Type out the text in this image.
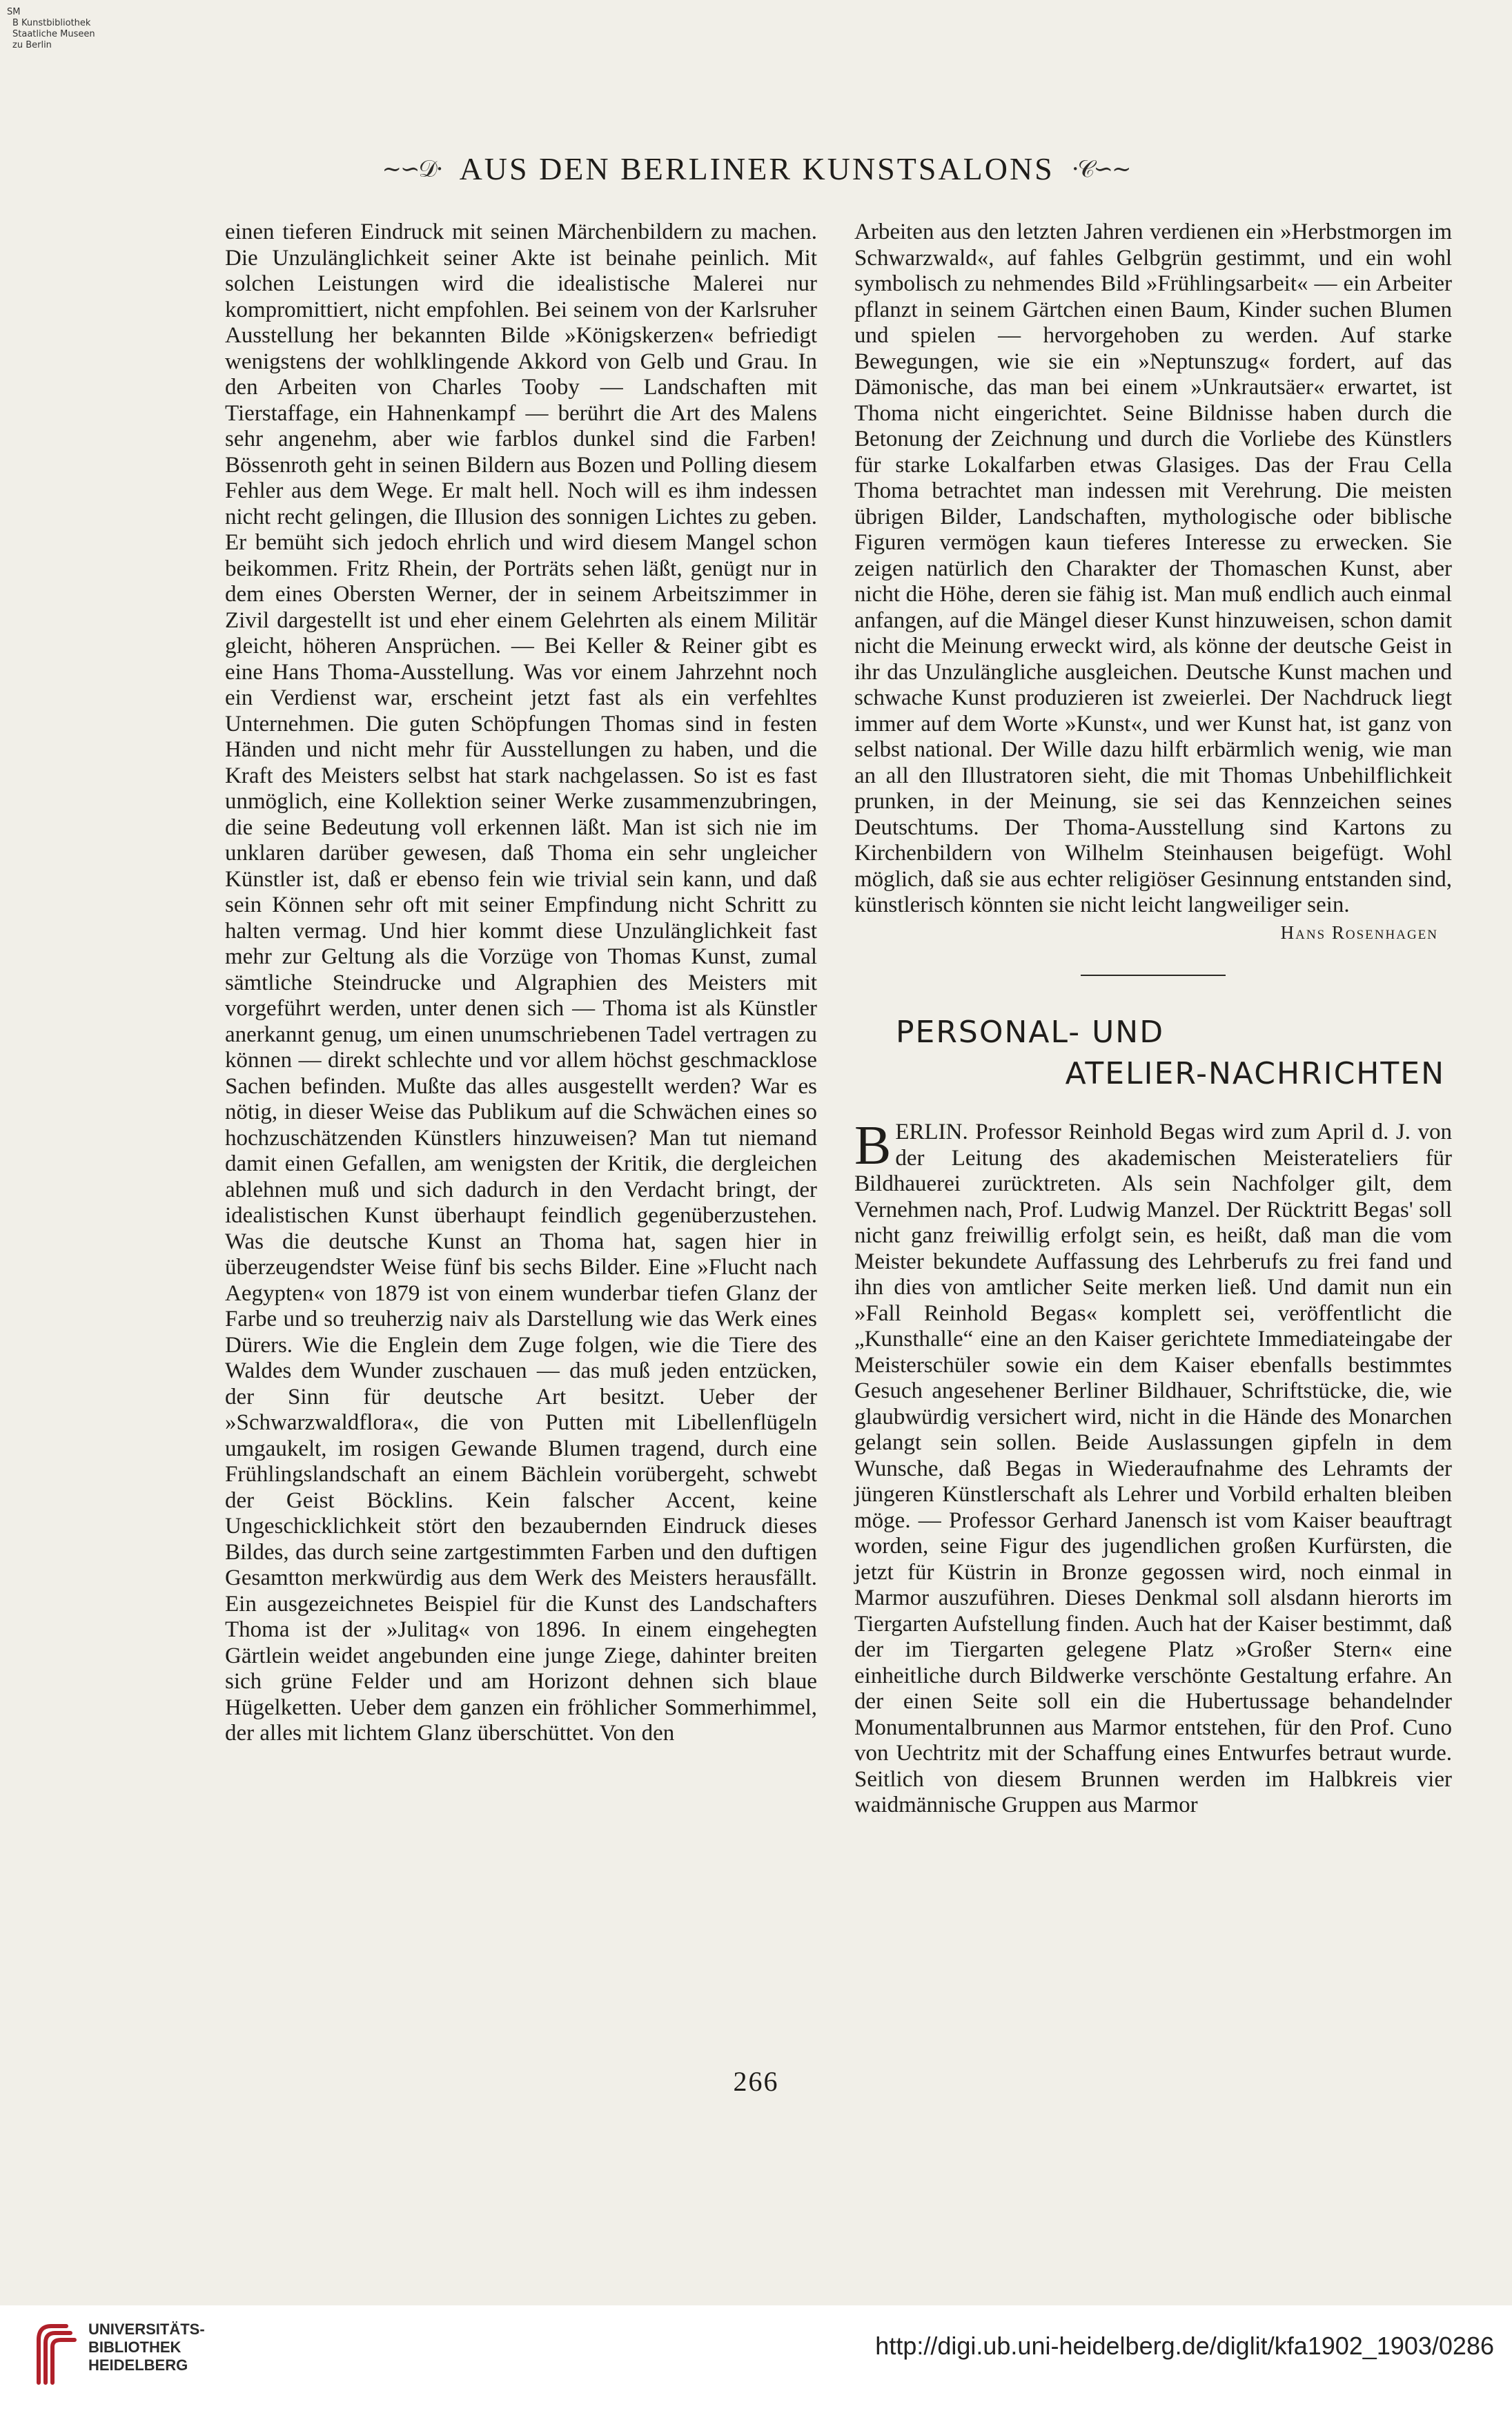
SM
B Kunstbibliothek
Staatliche Museen
zu Berlin
~∽𝒟· AUS DEN BERLINER KUNSTSALONS ·𝒞∽~

einen tieferen Eindruck mit seinen Märchenbildern zu machen. Die Unzulänglichkeit seiner Akte ist beinahe peinlich. Mit solchen Leistungen wird die idealistische Malerei nur kompromittiert, nicht empfohlen. Bei seinem von der Karlsruher Ausstellung her bekannten Bilde »Königskerzen« befriedigt wenigstens der wohlklingende Akkord von Gelb und Grau. In den Arbeiten von Charles Tooby — Landschaften mit Tierstaffage, ein Hahnenkampf — berührt die Art des Malens sehr angenehm, aber wie farblos dunkel sind die Farben! Bössenroth geht in seinen Bildern aus Bozen und Polling diesem Fehler aus dem Wege. Er malt hell. Noch will es ihm indessen nicht recht gelingen, die Illusion des sonnigen Lichtes zu geben. Er bemüht sich jedoch ehrlich und wird diesem Mangel schon beikommen. Fritz Rhein, der Porträts sehen läßt, genügt nur in dem eines Obersten Werner, der in seinem Arbeitszimmer in Zivil dargestellt ist und eher einem Gelehrten als einem Militär gleicht, höheren Ansprüchen. — Bei Keller & Reiner gibt es eine Hans Thoma-Ausstellung. Was vor einem Jahrzehnt noch ein Verdienst war, erscheint jetzt fast als ein verfehltes Unternehmen. Die guten Schöpfungen Thomas sind in festen Händen und nicht mehr für Ausstellungen zu haben, und die Kraft des Meisters selbst hat stark nachgelassen. So ist es fast unmöglich, eine Kollektion seiner Werke zusammenzubringen, die seine Bedeutung voll erkennen läßt. Man ist sich nie im unklaren darüber gewesen, daß Thoma ein sehr ungleicher Künstler ist, daß er ebenso fein wie trivial sein kann, und daß sein Können sehr oft mit seiner Empfindung nicht Schritt zu halten vermag. Und hier kommt diese Unzulänglichkeit fast mehr zur Geltung als die Vorzüge von Thomas Kunst, zumal sämtliche Steindrucke und Algraphien des Meisters mit vorgeführt werden, unter denen sich — Thoma ist als Künstler anerkannt genug, um einen unumschriebenen Tadel vertragen zu können — direkt schlechte und vor allem höchst geschmacklose Sachen befinden. Mußte das alles ausgestellt werden? War es nötig, in dieser Weise das Publikum auf die Schwächen eines so hochzuschätzenden Künstlers hinzuweisen? Man tut niemand damit einen Gefallen, am wenigsten der Kritik, die dergleichen ablehnen muß und sich dadurch in den Verdacht bringt, der idealistischen Kunst überhaupt feindlich gegenüberzustehen. Was die deutsche Kunst an Thoma hat, sagen hier in überzeugendster Weise fünf bis sechs Bilder. Eine »Flucht nach Aegypten« von 1879 ist von einem wunderbar tiefen Glanz der Farbe und so treuherzig naiv als Darstellung wie das Werk eines Dürers. Wie die Englein dem Zuge folgen, wie die Tiere des Waldes dem Wunder zuschauen — das muß jeden entzücken, der Sinn für deutsche Art besitzt. Ueber der »Schwarzwaldflora«, die von Putten mit Libellenflügeln umgaukelt, im rosigen Gewande Blumen tragend, durch eine Frühlingslandschaft an einem Bächlein vorübergeht, schwebt der Geist Böcklins. Kein falscher Accent, keine Ungeschicklichkeit stört den bezaubernden Eindruck dieses Bildes, das durch seine zartgestimmten Farben und den duftigen Gesamtton merkwürdig aus dem Werk des Meisters herausfällt. Ein ausgezeichnetes Beispiel für die Kunst des Landschafters Thoma ist der »Julitag« von 1896. In einem eingehegten Gärtlein weidet angebunden eine junge Ziege, dahinter breiten sich grüne Felder und am Horizont dehnen sich blaue Hügelketten. Ueber dem ganzen ein fröhlicher Sommerhimmel, der alles mit lichtem Glanz überschüttet. Von den

Arbeiten aus den letzten Jahren verdienen ein »Herbstmorgen im Schwarzwald«, auf fahles Gelbgrün gestimmt, und ein wohl symbolisch zu nehmendes Bild »Frühlingsarbeit« — ein Arbeiter pflanzt in seinem Gärtchen einen Baum, Kinder suchen Blumen und spielen — hervorgehoben zu werden. Auf starke Bewegungen, wie sie ein »Neptunszug« fordert, auf das Dämonische, das man bei einem »Unkrautsäer« erwartet, ist Thoma nicht eingerichtet. Seine Bildnisse haben durch die Betonung der Zeichnung und durch die Vorliebe des Künstlers für starke Lokalfarben etwas Glasiges. Das der Frau Cella Thoma betrachtet man indessen mit Verehrung. Die meisten übrigen Bilder, Landschaften, mythologische oder biblische Figuren vermögen kaun tieferes Interesse zu erwecken. Sie zeigen natürlich den Charakter der Thomaschen Kunst, aber nicht die Höhe, deren sie fähig ist. Man muß endlich auch einmal anfangen, auf die Mängel dieser Kunst hinzuweisen, schon damit nicht die Meinung erweckt wird, als könne der deutsche Geist in ihr das Unzulängliche ausgleichen. Deutsche Kunst machen und schwache Kunst produzieren ist zweierlei. Der Nachdruck liegt immer auf dem Worte »Kunst«, und wer Kunst hat, ist ganz von selbst national. Der Wille dazu hilft erbärmlich wenig, wie man an all den Illustratoren sieht, die mit Thomas Unbehilflichkeit prunken, in der Meinung, sie sei das Kennzeichen seines Deutschtums. Der Thoma-Ausstellung sind Kartons zu Kirchenbildern von Wilhelm Steinhausen beigefügt. Wohl möglich, daß sie aus echter religiöser Gesinnung entstanden sind, künstlerisch könnten sie nicht leicht langweiliger sein.

Hans Rosenhagen
PERSONAL- UND
ATELIER-NACHRICHTEN

BERLIN. Professor Reinhold Begas wird zum April d. J. von der Leitung des akademischen Meisterateliers für Bildhauerei zurücktreten. Als sein Nachfolger gilt, dem Vernehmen nach, Prof. Ludwig Manzel. Der Rücktritt Begas' soll nicht ganz freiwillig erfolgt sein, es heißt, daß man die vom Meister bekundete Auffassung des Lehrberufs zu frei fand und ihn dies von amtlicher Seite merken ließ. Und damit nun ein »Fall Reinhold Begas« komplett sei, veröffentlicht die „Kunsthalle“ eine an den Kaiser gerichtete Immediateingabe der Meisterschüler sowie ein dem Kaiser ebenfalls bestimmtes Gesuch angesehener Berliner Bildhauer, Schriftstücke, die, wie glaubwürdig versichert wird, nicht in die Hände des Monarchen gelangt sein sollen. Beide Auslassungen gipfeln in dem Wunsche, daß Begas in Wiederaufnahme des Lehramts der jüngeren Künstlerschaft als Lehrer und Vorbild erhalten bleiben möge. — Professor Gerhard Janensch ist vom Kaiser beauftragt worden, seine Figur des jugendlichen großen Kurfürsten, die jetzt für Küstrin in Bronze gegossen wird, noch einmal in Marmor auszuführen. Dieses Denkmal soll alsdann hierorts im Tiergarten Aufstellung finden. Auch hat der Kaiser bestimmt, daß der im Tiergarten gelegene Platz »Großer Stern« eine einheitliche durch Bildwerke verschönte Gestaltung erfahre. An der einen Seite soll ein die Hubertussage behandelnder Monumentalbrunnen aus Marmor entstehen, für den Prof. Cuno von Uechtritz mit der Schaffung eines Entwurfes betraut wurde. Seitlich von diesem Brunnen werden im Halbkreis vier waidmännische Gruppen aus Marmor

266
UNIVERSITÄTS-
BIBLIOTHEK
HEIDELBERG
http://digi.ub.uni-heidelberg.de/diglit/kfa1902_1903/0286
